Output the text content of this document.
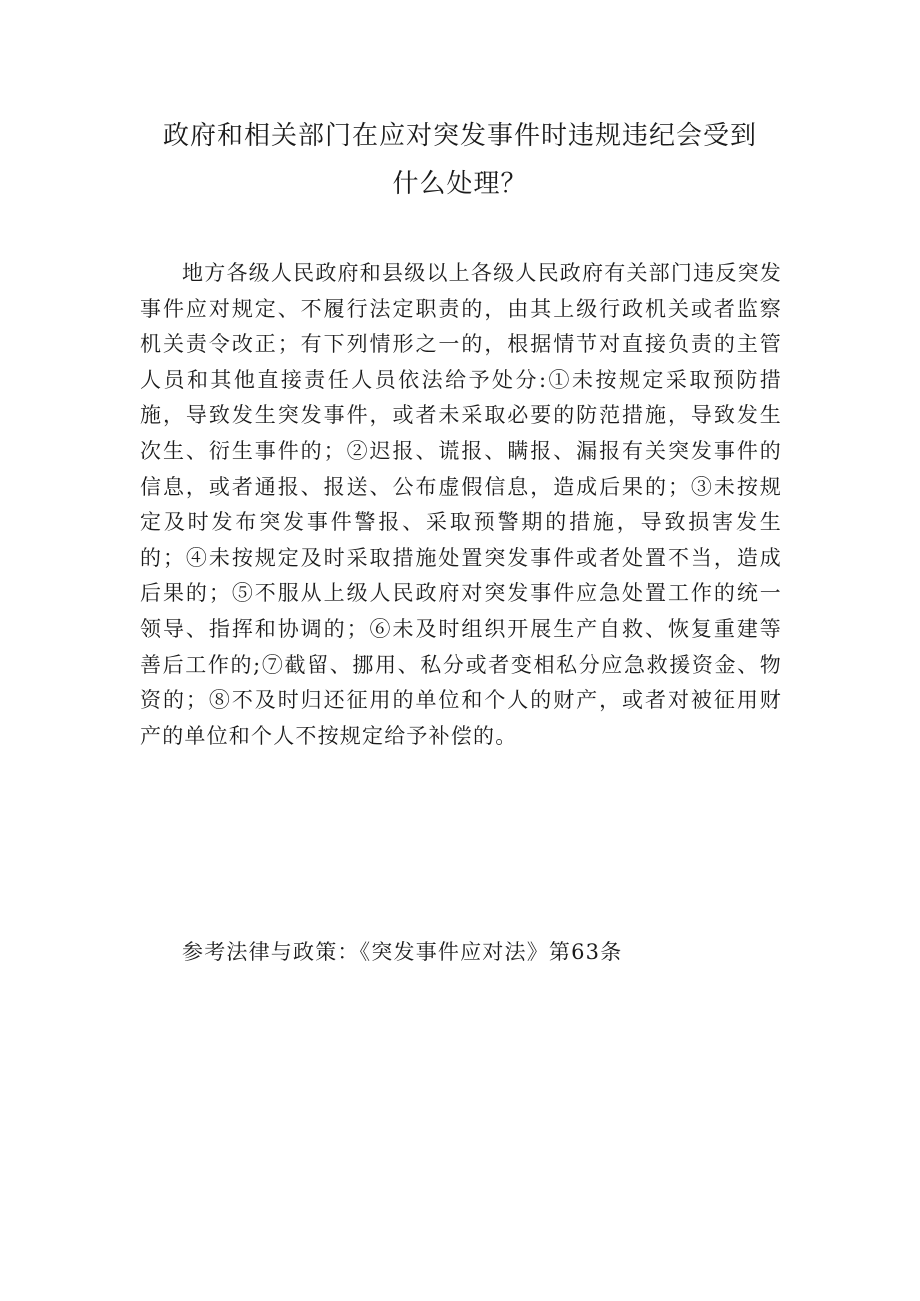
政府和相关部门在应对突发事件时违规违纪会受到
什么处理？

地方各级人民政府和县级以上各级人民政府有关部门违反突发事件应对规定、不履行法定职责的，由其上级行政机关或者监察机关责令改正；有下列情形之一的，根据情节对直接负责的主管人员和其他直接责任人员依法给予处分:①未按规定采取预防措施，导致发生突发事件，或者未采取必要的防范措施，导致发生次生、衍生事件的；②迟报、谎报、瞒报、漏报有关突发事件的信息，或者通报、报送、公布虚假信息，造成后果的；③未按规定及时发布突发事件警报、采取预警期的措施，导致损害发生的；④未按规定及时采取措施处置突发事件或者处置不当，造成后果的；⑤不服从上级人民政府对突发事件应急处置工作的统一领导、指挥和协调的；⑥未及时组织开展生产自救、恢复重建等善后工作的;⑦截留、挪用、私分或者变相私分应急救援资金、物资的；⑧不及时归还征用的单位和个人的财产，或者对被征用财产的单位和个人不按规定给予补偿的。

参考法律与政策：《突发事件应对法》第63条
